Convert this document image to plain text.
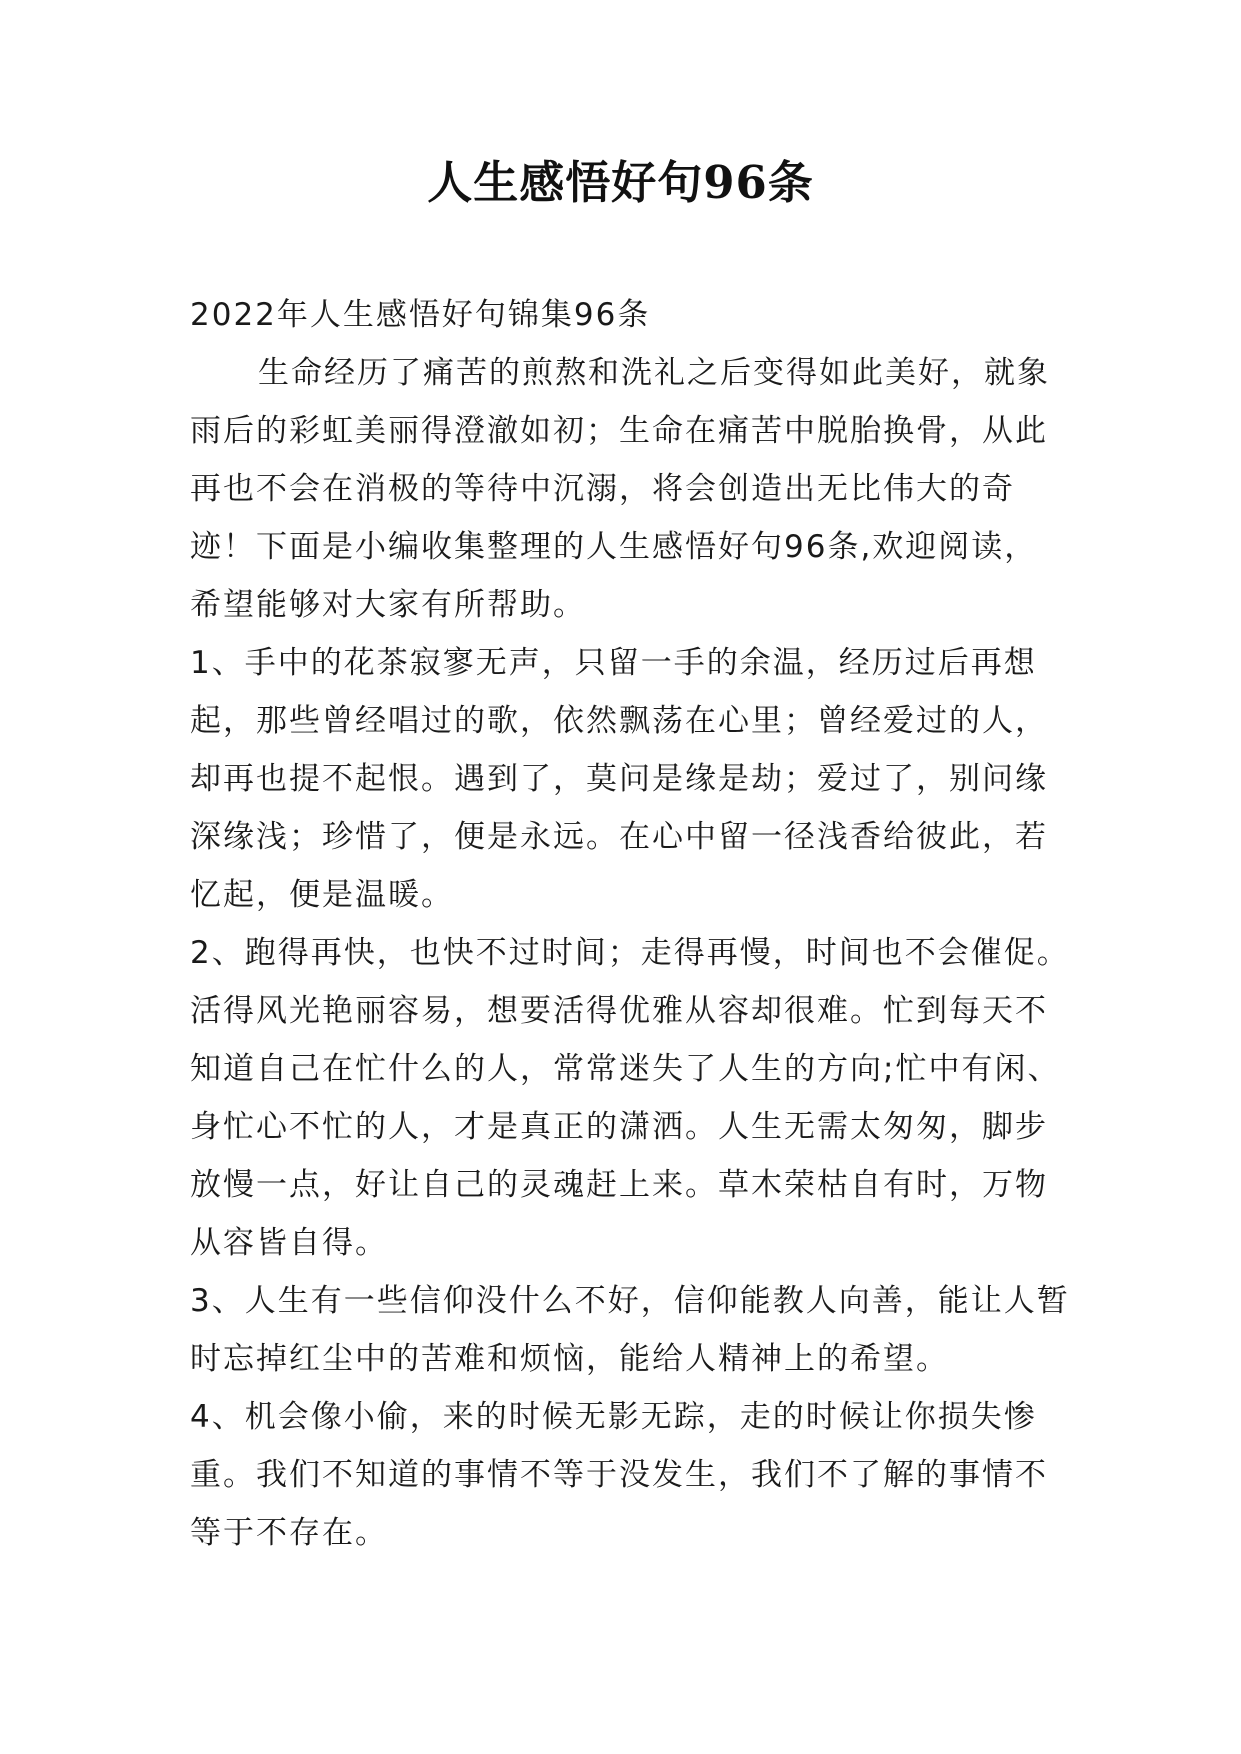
人生感悟好句96条

2022年人生感悟好句锦集96条

生命经历了痛苦的煎熬和洗礼之后变得如此美好，就象雨后的彩虹美丽得澄澈如初；生命在痛苦中脱胎换骨，从此再也不会在消极的等待中沉溺，将会创造出无比伟大的奇迹！下面是小编收集整理的人生感悟好句96条,欢迎阅读，希望能够对大家有所帮助。

1、手中的花茶寂寥无声，只留一手的余温，经历过后再想起，那些曾经唱过的歌，依然飘荡在心里；曾经爱过的人，却再也提不起恨。遇到了，莫问是缘是劫；爱过了，别问缘深缘浅；珍惜了，便是永远。在心中留一径浅香给彼此，若忆起，便是温暖。

2、跑得再快，也快不过时间；走得再慢，时间也不会催促。活得风光艳丽容易，想要活得优雅从容却很难。忙到每天不知道自己在忙什么的人，常常迷失了人生的方向;忙中有闲、身忙心不忙的人，才是真正的潇洒。人生无需太匆匆，脚步放慢一点，好让自己的灵魂赶上来。草木荣枯自有时，万物从容皆自得。

3、人生有一些信仰没什么不好，信仰能教人向善，能让人暂时忘掉红尘中的苦难和烦恼，能给人精神上的希望。

4、机会像小偷，来的时候无影无踪，走的时候让你损失惨重。我们不知道的事情不等于没发生，我们不了解的事情不等于不存在。
